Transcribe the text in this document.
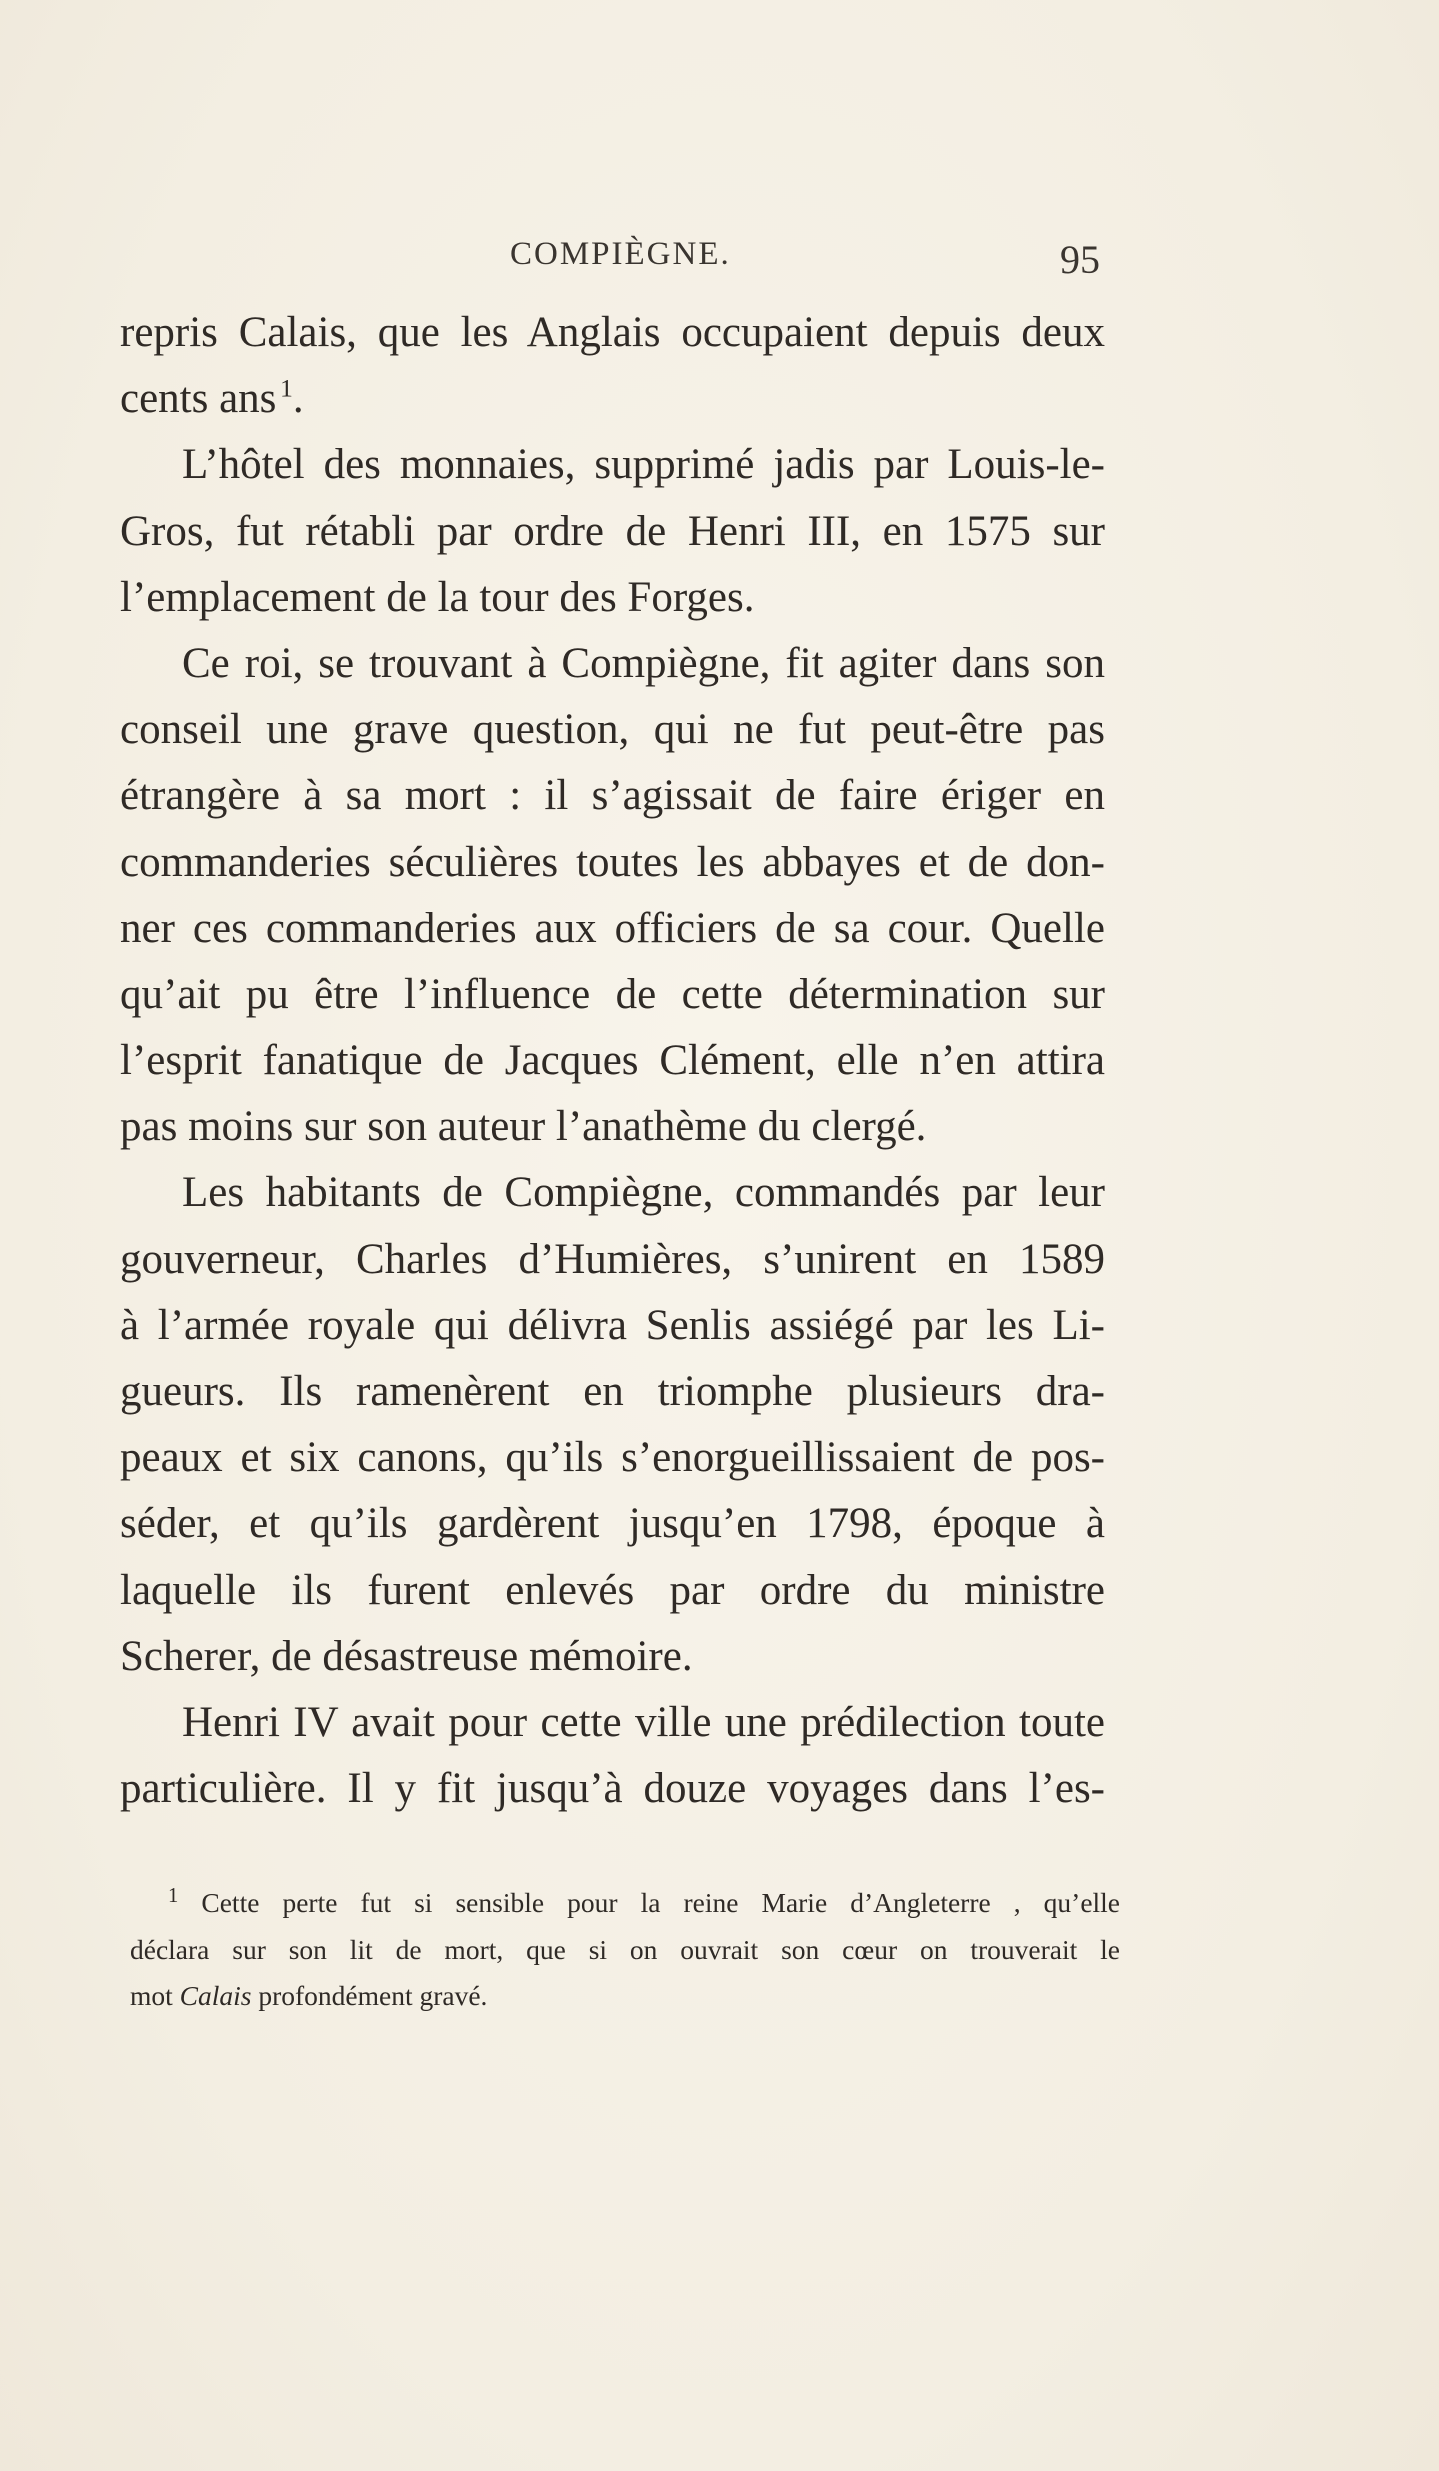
COMPIÈGNE.	95
repris Calais, que les Anglais occupaient depuis deux
cents ans  $^1$.
L’hôtel des monnaies, supprimé jadis par Louis-le-
Gros, fut rétabli par ordre de Henri III, en 1575 sur
l’emplacement de la tour des Forges.
Ce roi, se trouvant à Compiègne, fit agiter dans son
conseil une grave question, qui ne fut peut-être pas
étrangère à sa mort : il s’agissait de faire ériger en
commanderies séculières toutes les abbayes et de don-
ner ces commanderies aux officiers de sa cour. Quelle
qu’ait pu être l’influence de cette détermination sur
l’esprit fanatique de Jacques Clément, elle n’en attira
pas moins sur son auteur l’anathème du clergé.
Les habitants de Compiègne, commandés par leur
gouverneur, Charles d’Humières, s’unirent en 1589
à l’armée royale qui délivra Senlis assiégé par les Li-
gueurs. Ils ramenèrent en triomphe plusieurs dra-
peaux et six canons, qu’ils s’enorgueillissaient de pos-
séder, et qu’ils gardèrent jusqu’en 1798, époque à
laquelle ils furent enlevés par ordre du ministre
Scherer, de désastreuse mémoire.
Henri IV avait pour cette ville une prédilection toute
particulière. Il y fit jusqu’à douze voyages dans l’es-
$^1$ Cette perte fut si sensible pour la reine Marie d’Angleterre , qu’elle
déclara sur son lit de mort, que si on ouvrait son cœur on trouverait le
mot Calais profondément gravé.
